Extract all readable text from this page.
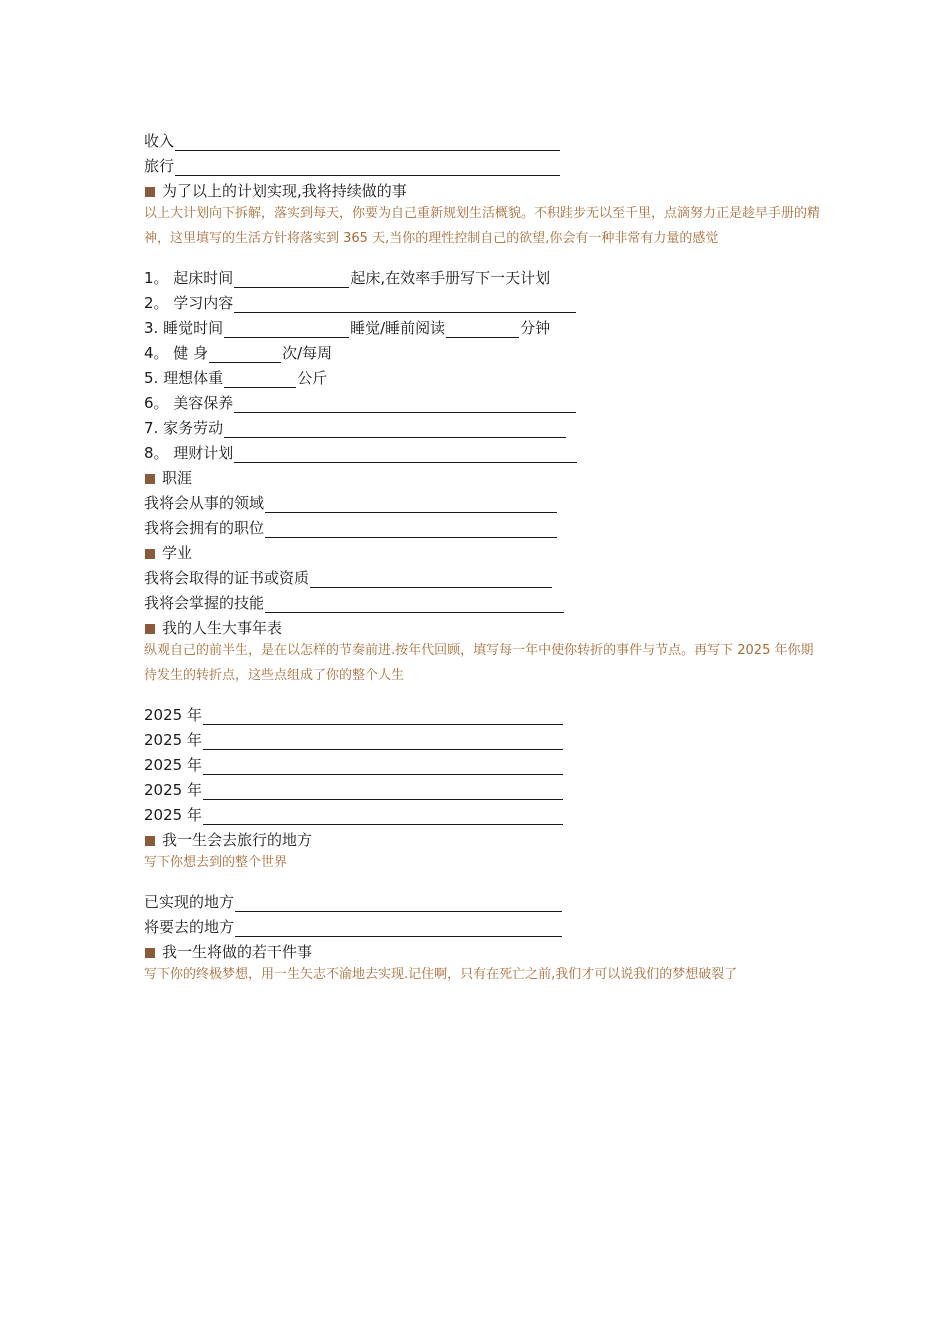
收入
旅行
为了以上的计划实现,我将持续做的事
以上大计划向下拆解，落实到每天，你要为自己重新规划生活概貌。不积跬步无以至千里，点滴努力正是趁早手册的精神，这里填写的生活方针将落实到 365 天,当你的理性控制自己的欲望,你会有一种非常有力量的感觉
1。 起床时间	起床,在效率手册写下一天计划
2。 学习内容
3. 睡觉时间	睡觉/睡前阅读	分钟
4。 健 身	次/每周
5. 理想体重	公斤
6。 美容保养
7. 家务劳动
8。 理财计划
职涯
我将会从事的领域
我将会拥有的职位
学业
我将会取得的证书或资质
我将会掌握的技能
我的人生大事年表
纵观自己的前半生，是在以怎样的节奏前进.按年代回顾，填写每一年中使你转折的事件与节点。再写下 2025 年你期待发生的转折点，这些点组成了你的整个人生
2025 年
2025 年
2025 年
2025 年
2025 年
我一生会去旅行的地方
写下你想去到的整个世界
已实现的地方
将要去的地方
我一生将做的若干件事
写下你的终极梦想，用一生矢志不渝地去实现.记住啊，只有在死亡之前,我们才可以说我们的梦想破裂了
